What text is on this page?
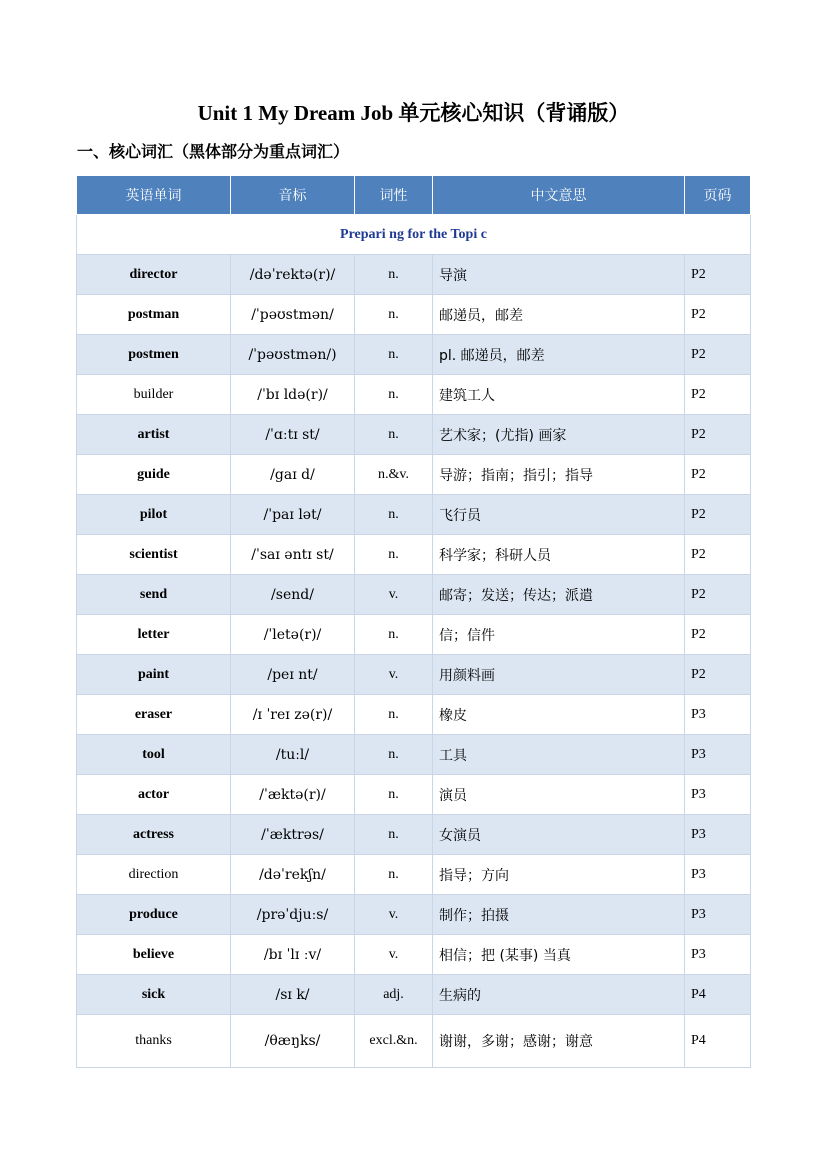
Unit 1 My Dream Job 单元核心知识（背诵版）
一、核心词汇（黑体部分为重点词汇）
英语单词	音标	词性	中文意思	页码
Prepari ng for the Topi c				
director	/dəˈrektə(r)/	n.	导演	P2
postman	/ˈpəʊstmən/	n.	邮递员，邮差	P2
postmen	/ˈpəʊstmən/)	n.	pl. 邮递员，邮差	P2
builder	/ˈbɪ ldə(r)/	n.	建筑工人	P2
artist	/ˈɑːtɪ st/	n.	艺术家；(尤指) 画家	P2
guide	/gaɪ d/	n.&v.	导游；指南；指引；指导	P2
pilot	/ˈpaɪ lət/	n.	飞行员	P2
scientist	/ˈsaɪ əntɪ st/	n.	科学家；科研人员	P2
send	/send/	v.	邮寄；发送；传达；派遣	P2
letter	/ˈletə(r)/	n.	信；信件	P2
paint	/peɪ nt/	v.	用颜料画	P2
eraser	/ɪ ˈreɪ zə(r)/	n.	橡皮	P3
tool	/tuːl/	n.	工具	P3
actor	/ˈæktə(r)/	n.	演员	P3
actress	/ˈæktrəs/	n.	女演员	P3
direction	/dəˈrekʃn/	n.	指导；方向	P3
produce	/prəˈdjuːs/	v.	制作；拍摄	P3
believe	/bɪ ˈlɪ ːv/	v.	相信；把 (某事) 当真	P3
sick	/sɪ k/	adj.	生病的	P4
thanks	/θæŋks/	excl.&n.	谢谢，多谢；感谢；谢意	P4
